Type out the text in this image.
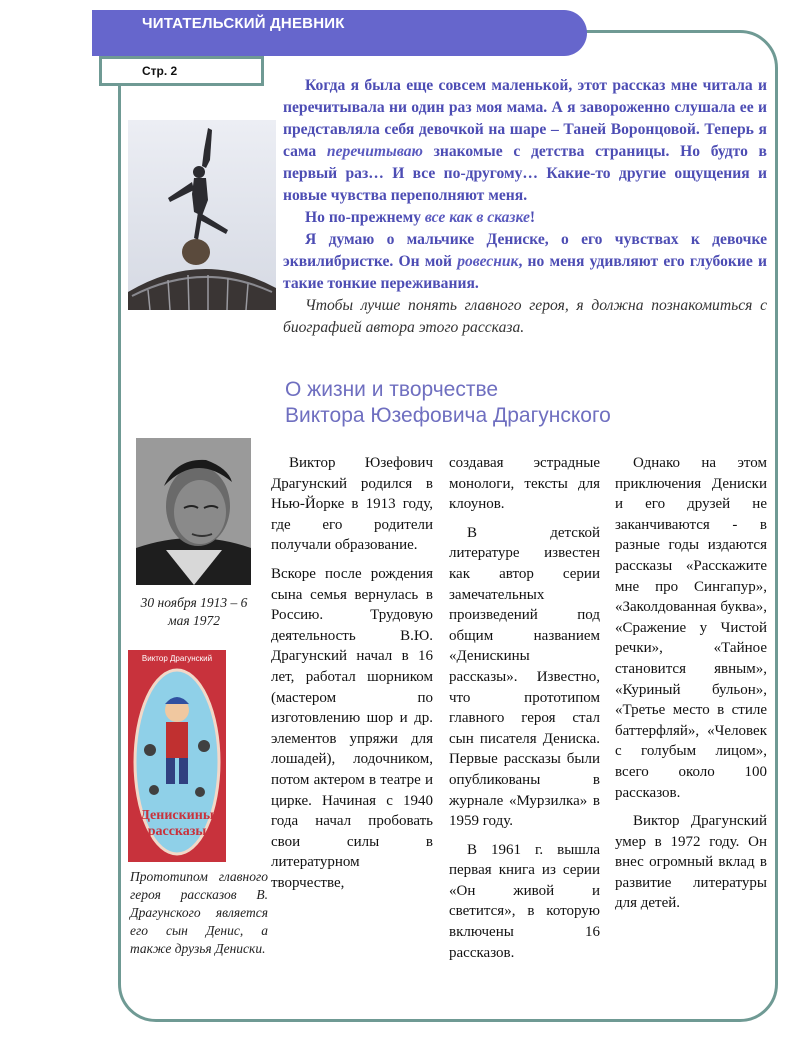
ЧИТАТЕЛЬСКИЙ ДНЕВНИК
Стр. 2

Когда я была еще совсем маленькой, этот рассказ мне читала и перечитывала ни один раз моя мама. А я завороженно слушала ее и представляла себя девочкой на шаре – Таней Воронцовой. Теперь я сама перечитываю знакомые с детства страницы. Но будто в первый раз… И все по-другому… Какие-то другие ощущения и новые чувства переполняют меня.

Но по-прежнему все как в сказке!

Я думаю о мальчике Дениске, о его чувствах к девочке эквилибристке. Он мой ровесник, но меня удивляют его глубокие и такие тонкие переживания.

Чтобы лучше понять главного героя, я должна познакомиться с биографией автора этого рассказа.

О жизни и творчестве
Виктора Юзефовича Драгунского
30 ноября 1913 – 6 мая 1972
Виктор Драгунский
Денискины
рассказы
Прототипом главного героя рассказов В. Драгунского является его сын Денис, а также друзья Дениски.

Виктор Юзефович Драгунский родился в Нью-Йорке в 1913 году, где его родители получали образование.

Вскоре после рождения сына семья вернулась в Россию. Трудовую деятельность В.Ю. Драгунский начал в 16 лет, работал шорником (мастером по изготовлению шор и др. элементов упряжи для лошадей), лодочником, потом актером в театре и цирке. Начиная с 1940 года начал пробовать свои силы в литературном творчестве,

создавая эстрадные монологи, тексты для клоунов.

В детской литературе известен как автор серии замечательных произведений под общим названием «Денискины рассказы». Известно, что прототипом главного героя стал сын писателя Дениска. Первые рассказы были опубликованы в журнале «Мурзилка» в 1959 году.

В 1961 г. вышла первая книга из серии «Он живой и светится», в которую включены 16 рассказов.

Однако на этом приключения Дениски и его друзей не заканчиваются - в разные годы издаются рассказы «Расскажите мне про Сингапур», «Заколдованная буква», «Сражение у Чистой речки», «Тайное становится явным», «Куриный бульон», «Третье место в стиле баттерфляй», «Человек с голубым лицом», всего около 100 рассказов.

Виктор Драгунский умер в 1972 году. Он внес огромный вклад в развитие литературы для детей.
